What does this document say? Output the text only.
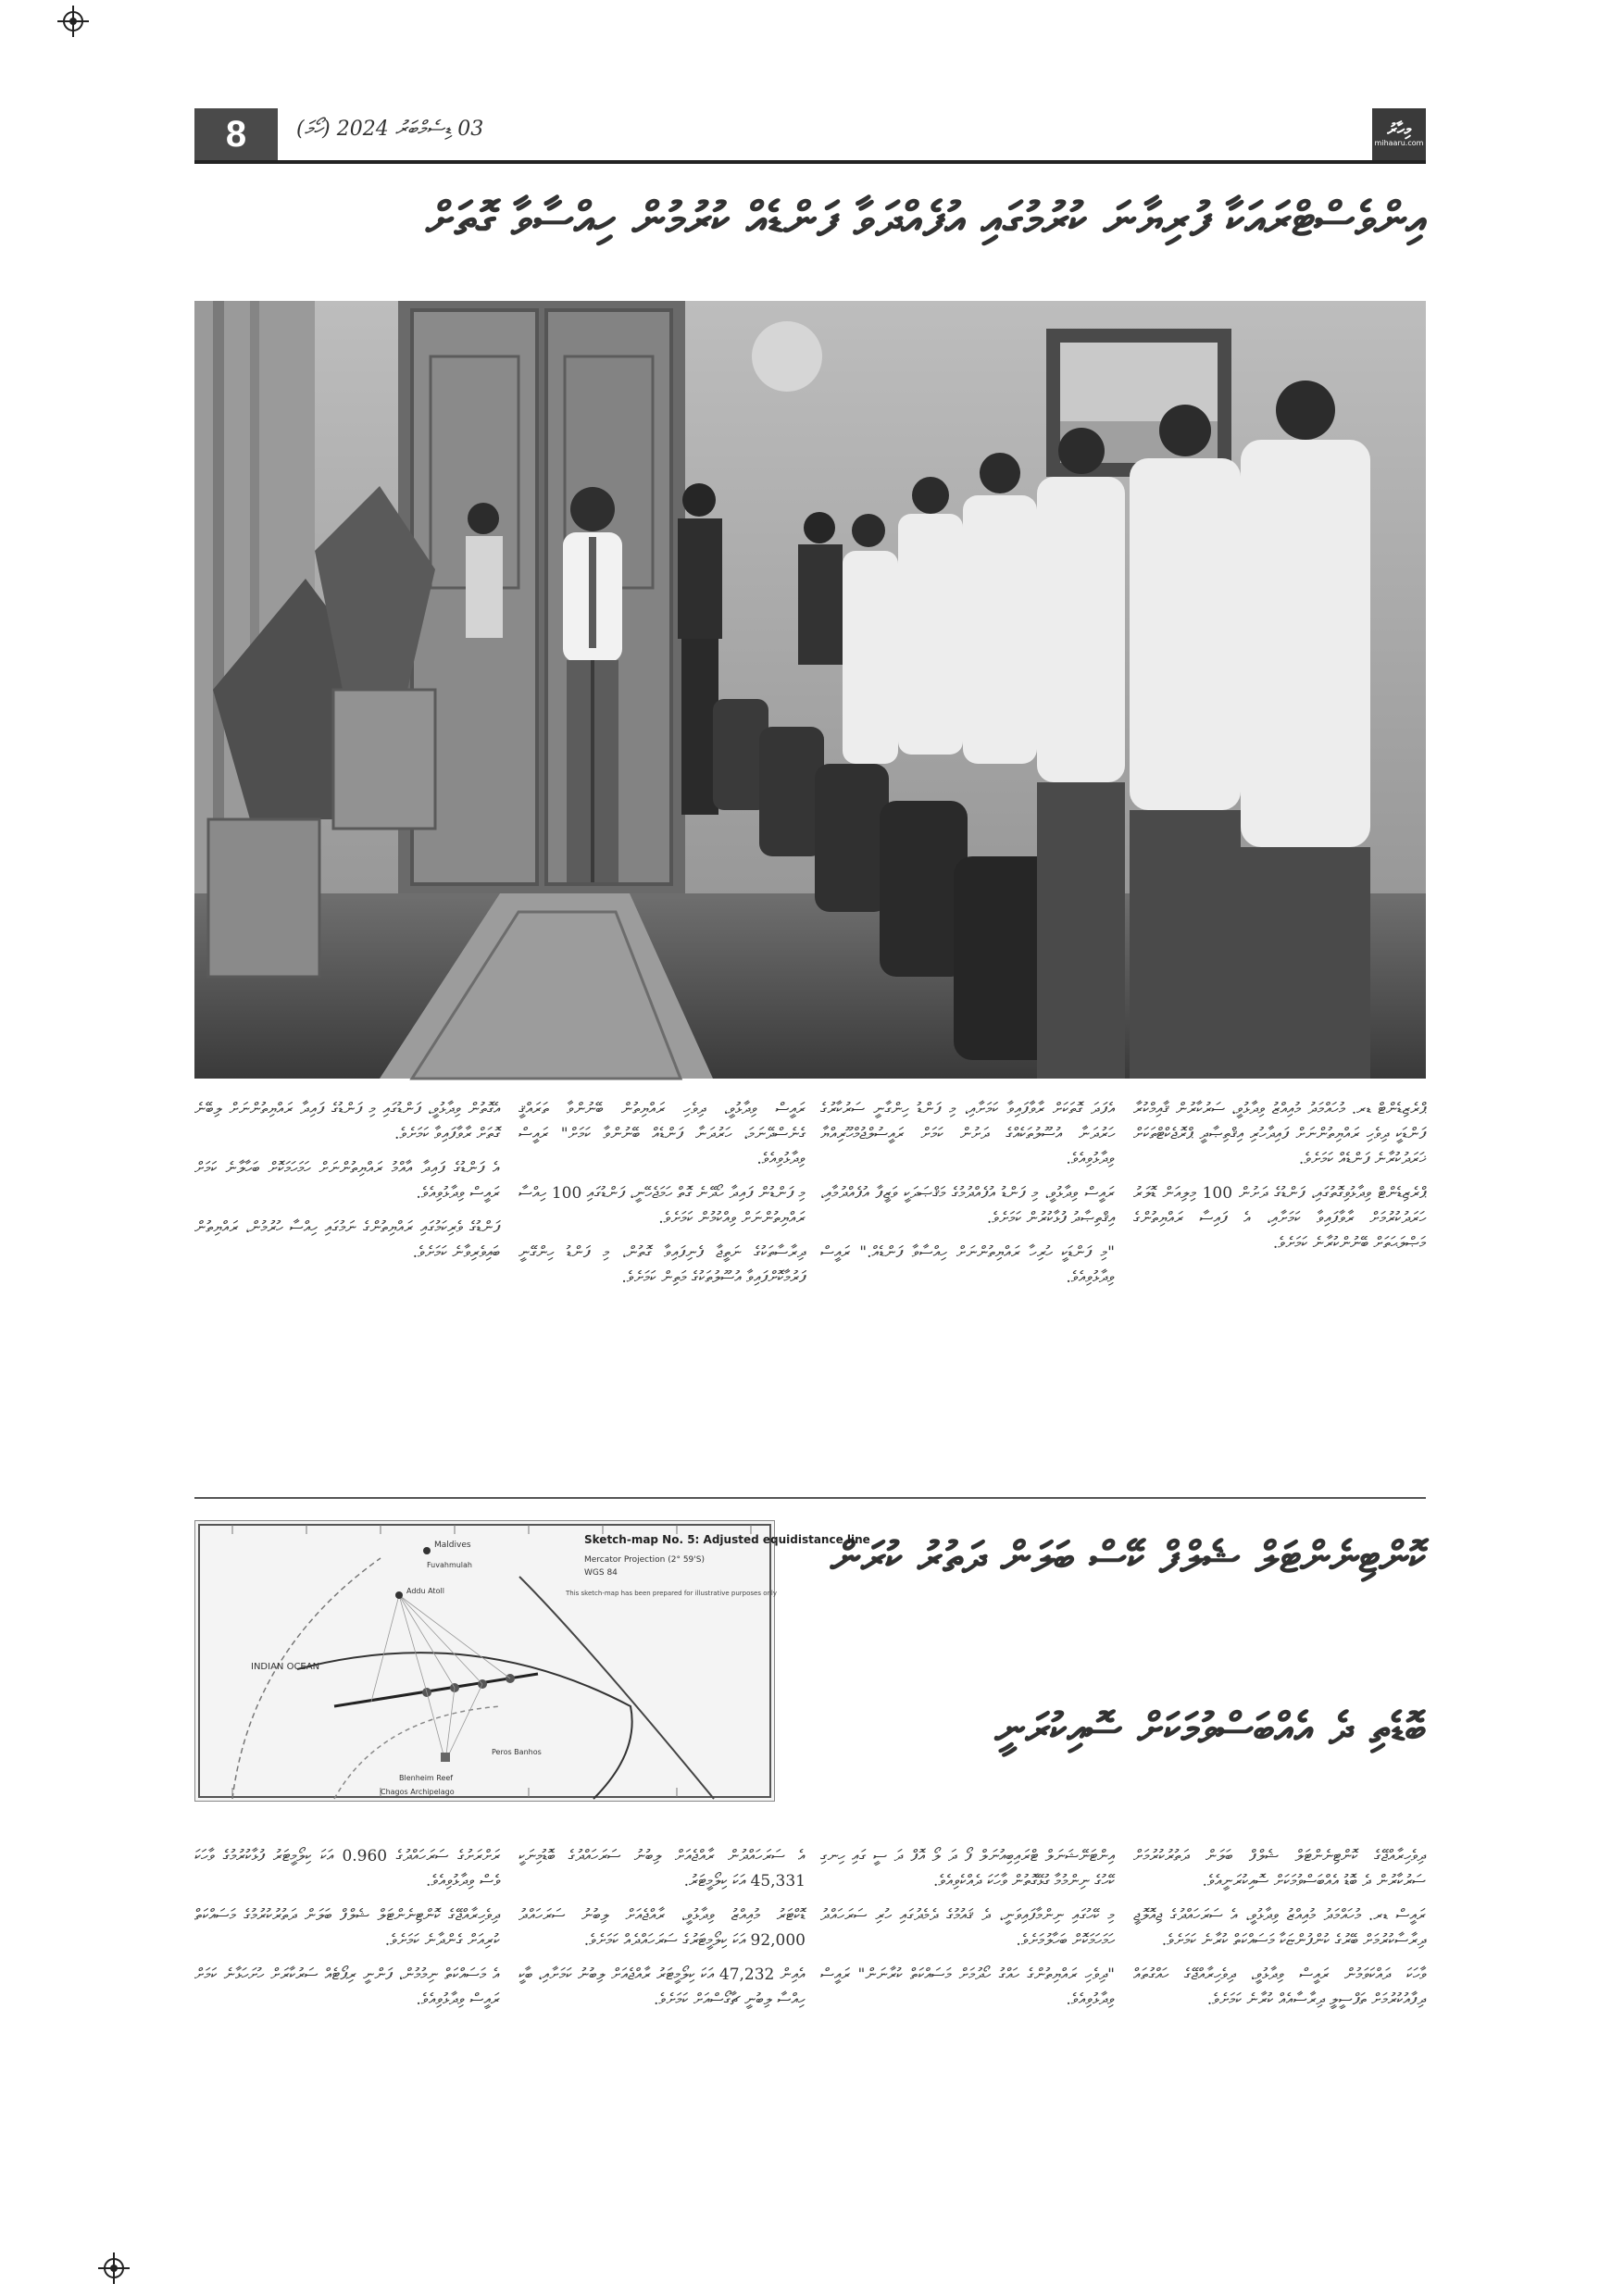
8	03 ޑިސެމްބަރު 2024 (ހޯމަ)	މިހާރު
mihaaru.com
އިންވެސްޓްރައަކާ ފުރިޔާނަ ކުރުމުގައި އުފެއްދަވާ ފަންޑެއް ކުރުމުން ހިއްސާވާ ގޮތަށް

ޕްރެޒިޑެންޓް ޑރ. މުހައްމަދު މުއިއްޒު ވިދާޅުވީ، ސަރުކާރުން ޤާއިމްކުރާ ފަންޑަކީ ދިވެހި ރައްޔިތުންނަށް ފައިދާހުރި އިޤްތިޞާދީ ޕްރޮޖެކްޓްތަކަށް ޚަރަދުކުރާނެ ފަންޑެއް ކަމަށެވެ.

ޕްރެޒިޑެންޓް ވިދާޅުވިގޮތުގައި، ފަންޑުގެ ދަށުން 100 މިލިއަން ޑޮލަރު ހަރަދުކުރުމަށް ރާވާފައިވާ ކަމަށާއި، އެ ފައިސާ ރައްޔިތުންގެ މަޞްލަޙަތަށް ބޭނުންކުރާނެ ކަމަށެވެ.

އެފަދަ ގޮތަކަށް ރާވާފައިވާ ކަމަށާއި، މި ފަންޑު ހިންގާނީ ސަރުކާރުގެ ހަރުދަނާ އުސޫލުތަކެއްގެ ދަށުން ކަމަށް ރައީސުލްޖުމްހޫރިއްޔާ ވިދާޅުވިއެވެ.

ރައީސް ވިދާޅުވީ، މި ފަންޑު އުފެއްދުމުގެ މަޤްޞަދަކީ ވަޒީފާ އުފެއްދުމާއި، އިޤްތިޞާދު ފުޅާކުރުން ކަމަށެވެ.

"މި ފަންޑަކީ ހުރިހާ ރައްޔިތުންނަށް ހިއްސާވާ ފަންޑެއް." ރައީސް ވިދާޅުވިއެވެ.

ރައީސް ވިދާޅުވީ، ދިވެހި ރައްޔިތުން ބޭނުންވާ ތަރައްޤީ ގެނެސްދޭނަމަ، ހަރުދަނާ ފަންޑެއް ބޭނުންވާ ކަމަށް" ރައީސް ވިދާޅުވިއެވެ.

މި ފަންޑުން ފައިދާ ހޯދޭނެ ގޮތް ހަމަޖެހޭނީ، ފަންޑުގައި 100 ހިއްސާ ރައްޔިތުންނަށް ވިއްކުމުން ކަމަށެވެ.

ދިރާސާތަކުގެ ނަތީޖާ ފެނިފައިވާ ގޮތުން، މި ފަންޑު ހިންގޭނީ ފަރުމާކޮށްފައިވާ އުސޫލުތަކުގެ މަތިން ކަމަށެވެ.

އެގޮތުން ވިދާޅުވީ، ފަންޑުގައި މި ފަންޑުގެ ފައިދާ ރައްޔިތުންނަށް ލިބޭނެ ގޮތަށް ރާވާފައިވާ ކަމަށެވެ.

އެ ފަންޑުގެ ފައިދާ އާއްމު ރައްޔިތުންނަށް ހަމަހަމަކޮށް ބަހާލާނެ ކަމަށް ރައީސް ވިދާޅުވިއެވެ.

ފަންޑުގެ ވެރިކަމުގައި ރައްޔިތުންގެ ނަމުގައި ހިއްސާ ހުރުމުން، ރައްޔިތުން ބައިވެރިވާނެ ކަމަށެވެ.

ކޮންޓިނެންޓަލް ޝެލްފް ކޭސް ބަލަން ދަތުރު ކުރަން
ބޮޑެތި ދެ އެއްބަސްވުމަކަށް ސޮއިކުރަނީ
Sketch-map No. 5: Adjusted equidistance line
Mercator Projection (2° 59'S)
WGS 84
This sketch-map has been prepared for illustrative purposes only
Maldives
Fuvahmulah
Addu Atoll
INDIAN OCEAN
Blenheim Reef
Peros Banhos
Chagos Archipelago

ދިވެހިރާއްޖޭގެ ކޮންޓިނެންޓަލް ޝެލްފް ބަލަން ދަތުރުކުރުމަށް ސަރުކާރުން ދެ ބޮޑު އެއްބަސްވުމަކަށް ސޮއިކުރަނީއެވެ.

ރައީސް ޑރ. މުހައްމަދު މުއިއްޒު ވިދާޅުވީ، އެ ސަރަހައްދުގެ ޖިއޮލޮޖީ ދިރާސާކުރުމަށް ބޭރުގެ ކުންފުންޏަކާ މަސައްކަތް ކުރާނެ ކަމަށެވެ.

ވާހަކަ ދައްކަވަމުން ރައީސް ވިދާޅުވީ، ދިވެހިރާއްޖޭގެ ހައްގުތައް ދިފާއުކުރުމަށް ތަފްސީލީ ދިރާސާއެއް ކުރާނެ ކަމަށެވެ.

އިންޓަނޭޝަނަލް ޓްރައިބިއުނަލް ފޯ ދަ ލޯ އޮފް ދަ ސީ ގައި ހިނގި ކޭހުގެ ނިންމުމާ ގުޅޭގޮތުން ވާހަކަ ދެއްކެވިއެވެ.

މި ކޭހުގައި ނިންމާފައިވަނީ، ދެ ޤައުމުގެ ދެމެދުގައި ހުރި ސަރަހައްދު ހަމަހަމަކޮށް ބަހާލުމަށެވެ.

"ދިވެހި ރައްޔިތުންގެ ހައްގު ހޯދުމަށް މަސައްކަތް ކުރާނަން" ރައީސް ވިދާޅުވިއެވެ.

އެ ސަރަހައްދުން ރާއްޖެއަށް ލިބުނު ސަރަހައްދުގެ ބޮޑުމިނަކީ 45,331 އަކަ ކިލޯމީޓަރު.

ޑޮކްޓަރު މުއިއްޒު ވިދާޅުވީ، ރާއްޖެއަށް ލިބުނު ސަރަހައްދު 92,000 އަކަ ކިލޯމީޓަރުގެ ސަރަހައްދެއް ކަމަށެވެ.

އެއިން 47,232 އަކަ ކިލޯމީޓަރު ރާއްޖެއަށް ލިބުނު ކަމަށާއި، ބާކީ ހިއްސާ ލިބުނީ ޗާގޯސްއަށް ކަމަށެވެ.

ރަށްރަށުގެ ސަރަހައްދުގެ 0.960 އަކަ ކިލޯމީޓަރު ފުޅާކުރުމުގެ ވާހަކަ ވެސް ވިދާޅުވިއެވެ.

ދިވެހިރާއްޖޭގެ ކޮންޓިނެންޓަލް ޝެލްފް ބަލަން ދަތުރުކުރުމުގެ މަސައްކަތް ކުރިއަށް ގެންދާނެ ކަމަށެވެ.

އެ މަސައްކަތް ނިމުމުން، ފަންނީ ރިޕޯޓެއް ސަރުކާރަށް ހުށަހަޅާނެ ކަމަށް ރައީސް ވިދާޅުވިއެވެ.
